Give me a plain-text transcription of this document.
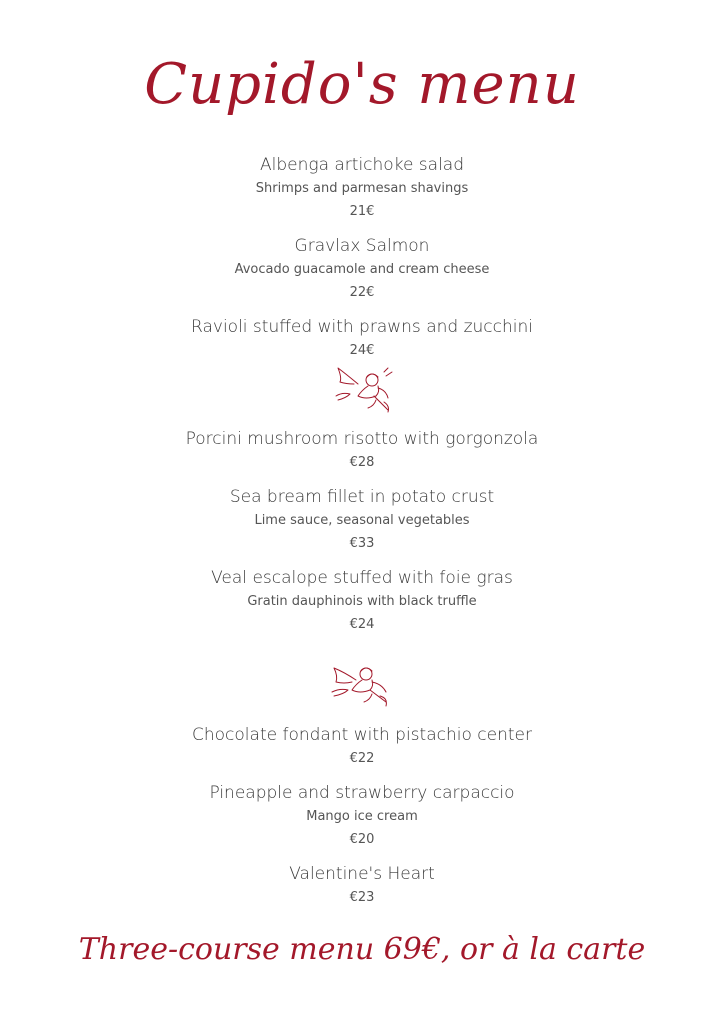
Cupido's menu
Albenga artichoke salad
Shrimps and parmesan shavings
21€
Gravlax Salmon
Avocado guacamole and cream cheese
22€
Ravioli stuffed with prawns and zucchini
24€
Porcini mushroom risotto with gorgonzola
€28
Sea bream fillet in potato crust
Lime sauce, seasonal vegetables
€33
Veal escalope stuffed with foie gras
Gratin dauphinois with black truffle
€24
Chocolate fondant with pistachio center
€22
Pineapple and strawberry carpaccio
Mango ice cream
€20
Valentine's Heart
€23
Three-course menu 69€, or à la carte
